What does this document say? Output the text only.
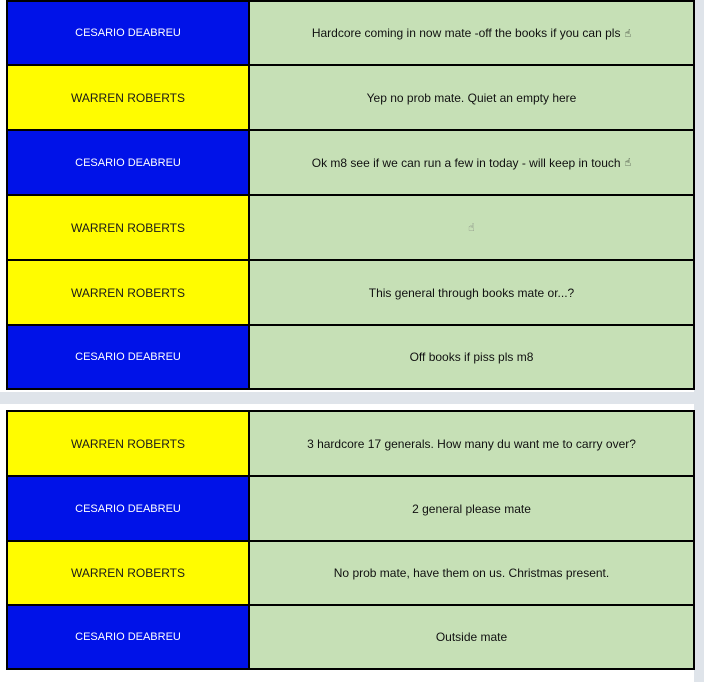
CESARIO DEABREU	Hardcore coming in now mate -off the books if you can pls ☝
WARREN ROBERTS	Yep no prob mate. Quiet an empty here
CESARIO DEABREU	Ok m8 see if we can run a few in today - will keep in touch ☝
WARREN ROBERTS	☝
WARREN ROBERTS	This general through books mate or...?
CESARIO DEABREU	Off books if piss pls m8
WARREN ROBERTS	3 hardcore 17 generals. How many du want me to carry over?
CESARIO DEABREU	2 general please mate
WARREN ROBERTS	No prob mate, have them on us. Christmas present.
CESARIO DEABREU	Outside mate
